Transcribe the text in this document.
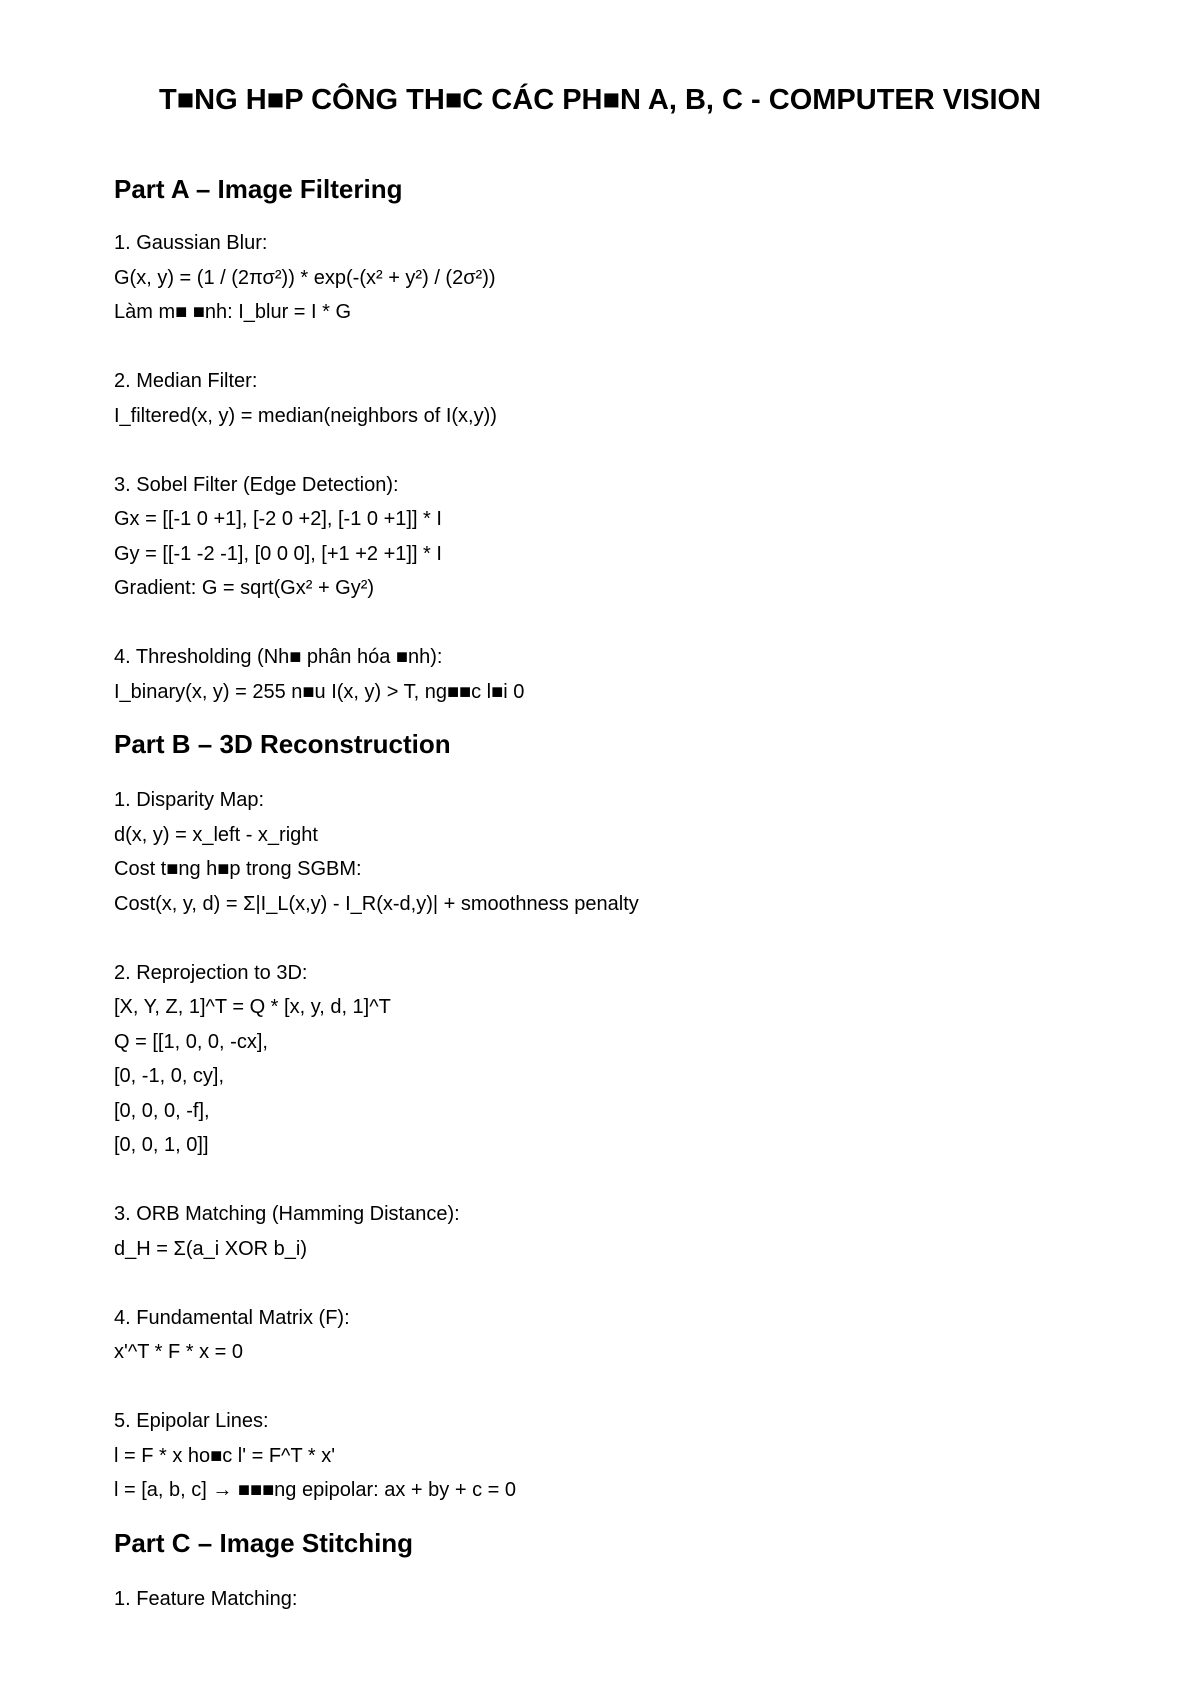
T■NG H■P CÔNG TH■C CÁC PH■N A, B, C - COMPUTER VISION
Part A – Image Filtering
1. Gaussian Blur:
G(x, y) = (1 / (2πσ²)) * exp(-(x² + y²) / (2σ²))
Làm m■ ■nh: I_blur = I * G
2. Median Filter:
I_filtered(x, y) = median(neighbors of I(x,y))
3. Sobel Filter (Edge Detection):
Gx = [[-1 0 +1], [-2 0 +2], [-1 0 +1]] * I
Gy = [[-1 -2 -1], [0 0 0], [+1 +2 +1]] * I
Gradient: G = sqrt(Gx² + Gy²)
4. Thresholding (Nh■ phân hóa ■nh):
I_binary(x, y) = 255 n■u I(x, y) > T, ng■■c l■i 0
Part B – 3D Reconstruction
1. Disparity Map:
d(x, y) = x_left - x_right
Cost t■ng h■p trong SGBM:
Cost(x, y, d) = Σ|I_L(x,y) - I_R(x-d,y)| + smoothness penalty
2. Reprojection to 3D:
[X, Y, Z, 1]^T = Q * [x, y, d, 1]^T
Q = [[1, 0, 0, -cx],
[0, -1, 0, cy],
[0, 0, 0, -f],
[0, 0, 1, 0]]
3. ORB Matching (Hamming Distance):
d_H = Σ(a_i XOR b_i)
4. Fundamental Matrix (F):
x'^T * F * x = 0
5. Epipolar Lines:
l = F * x ho■c l' = F^T * x'
l = [a, b, c] → ■■■ng epipolar: ax + by + c = 0
Part C – Image Stitching
1. Feature Matching:
